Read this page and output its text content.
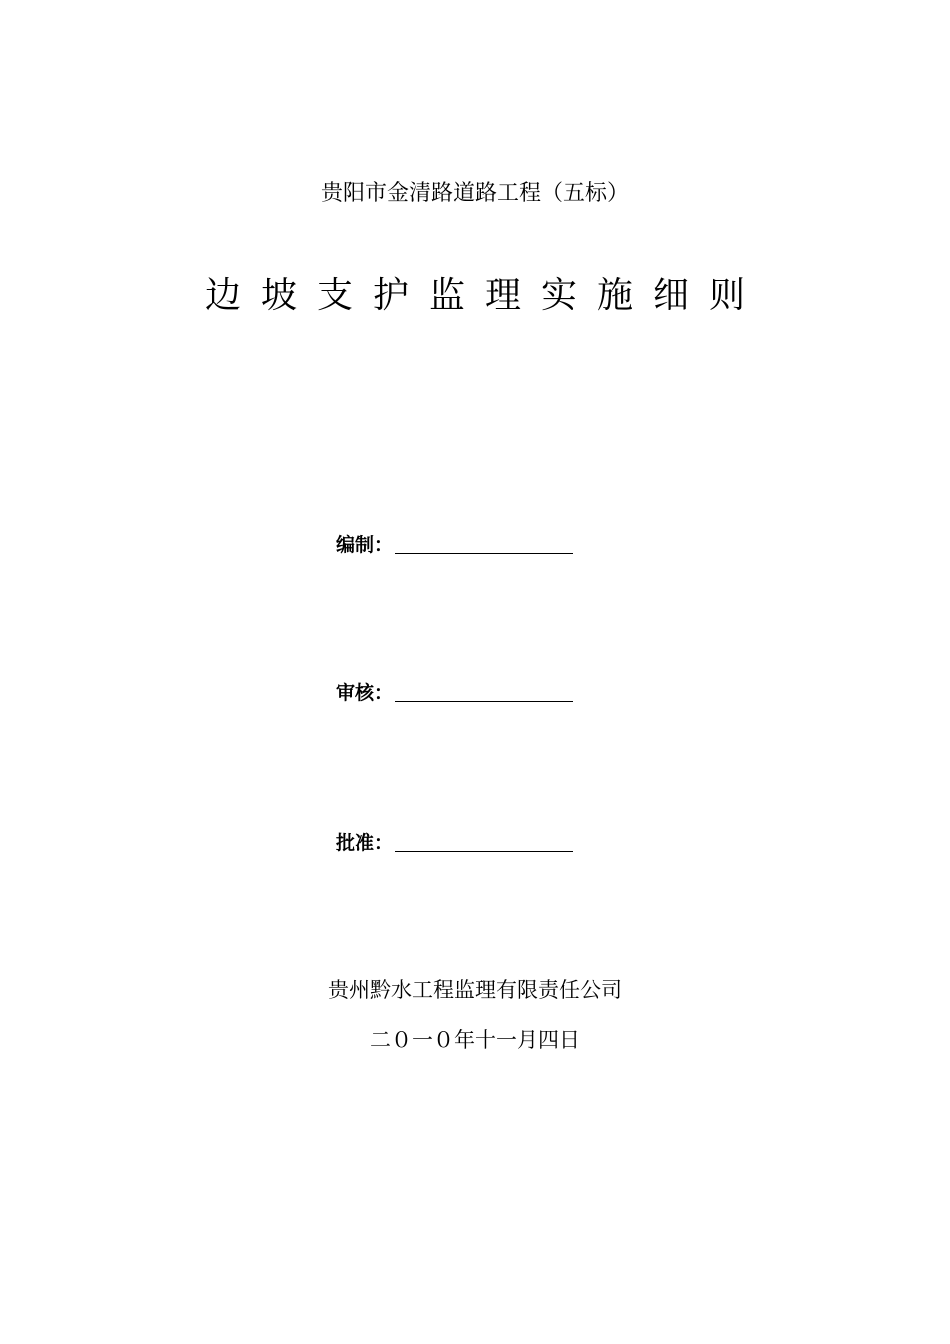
贵阳市金清路道路工程（五标）
边坡支护监理实施细则
编制：
审核：
批准：
贵州黔水工程监理有限责任公司
二０一０年十一月四日
